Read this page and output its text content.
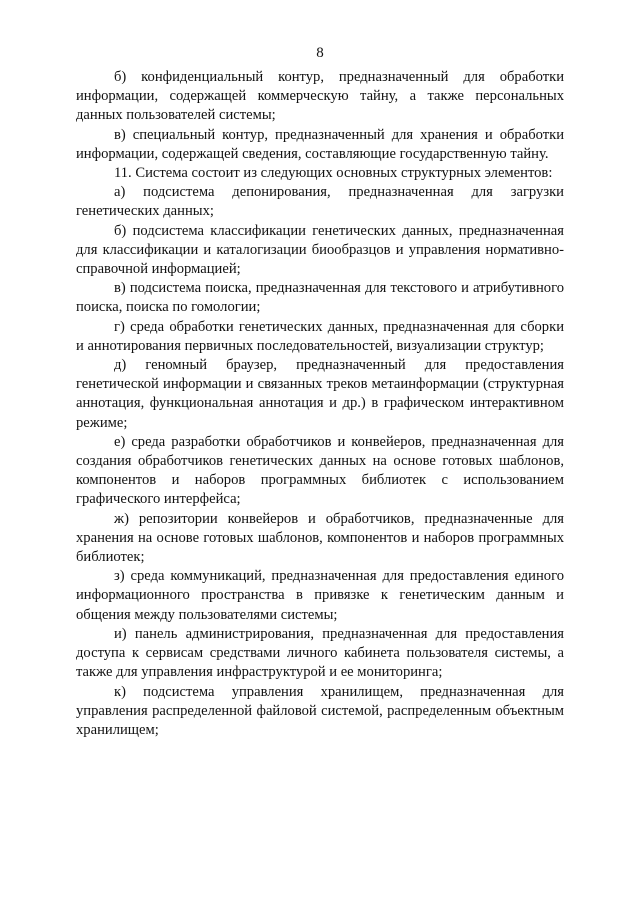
8

б) конфиденциальный контур, предназначенный для обработки информации, содержащей коммерческую тайну, а также персональных данных пользователей системы;

в) специальный контур, предназначенный для хранения и обработки информации, содержащей сведения, составляющие государственную тайну.

11. Система состоит из следующих основных структурных элементов:

а) подсистема депонирования, предназначенная для загрузки генетических данных;

б) подсистема классификации генетических данных, предназначенная для классификации и каталогизации биообразцов и управления нормативно-справочной информацией;

в) подсистема поиска, предназначенная для текстового и атрибутивного поиска, поиска по гомологии;

г) среда обработки генетических данных, предназначенная для сборки и аннотирования первичных последовательностей, визуализации структур;

д) геномный браузер, предназначенный для предоставления генетической информации и связанных треков метаинформации (структурная аннотация, функциональная аннотация и др.) в графическом интерактивном режиме;

е) среда разработки обработчиков и конвейеров, предназначенная для создания обработчиков генетических данных на основе готовых шаблонов, компонентов и наборов программных библиотек с использованием графического интерфейса;

ж) репозитории конвейеров и обработчиков, предназначенные для хранения на основе готовых шаблонов, компонентов и наборов программных библиотек;

з) среда коммуникаций, предназначенная для предоставления единого информационного пространства в привязке к генетическим данным и общения между пользователями системы;

и) панель администрирования, предназначенная для предоставления доступа к сервисам средствами личного кабинета пользователя системы, а также для управления инфраструктурой и ее мониторинга;

к) подсистема управления хранилищем, предназначенная для управления распределенной файловой системой, распределенным объектным хранилищем;
